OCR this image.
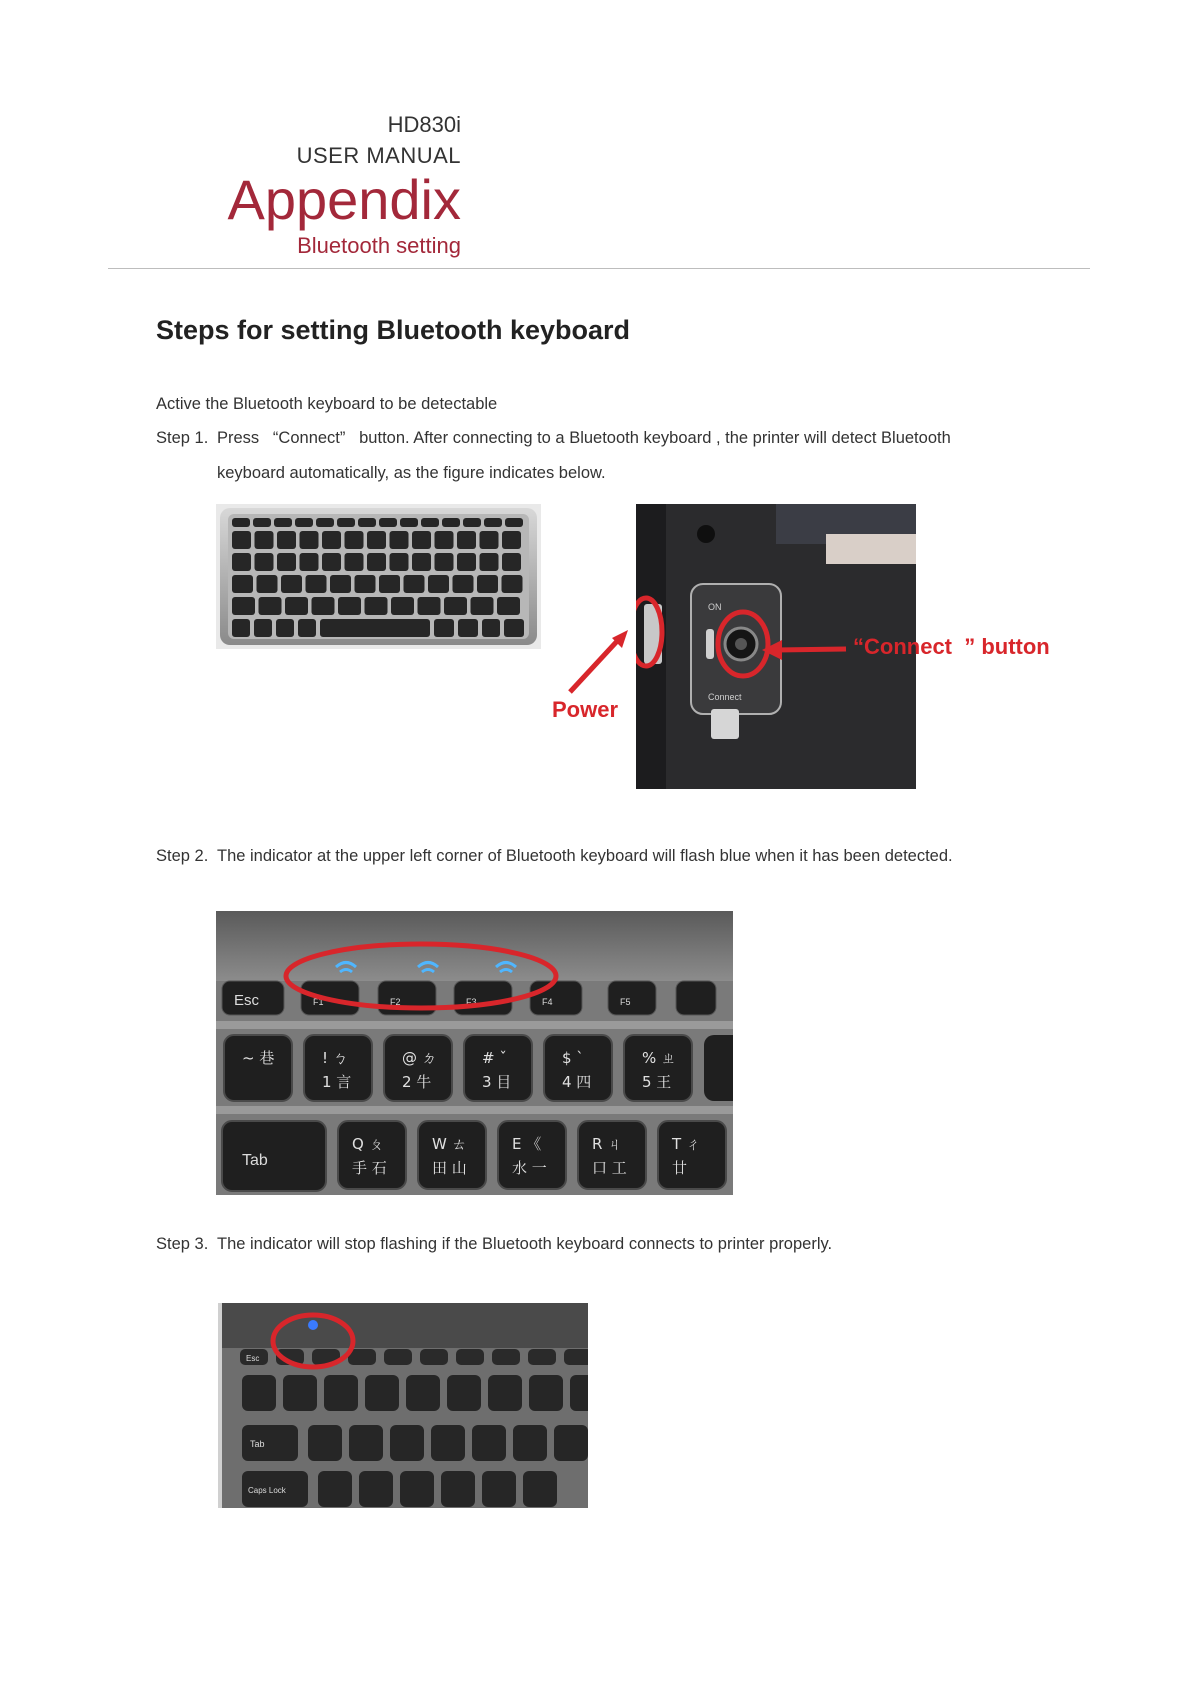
HD830i
USER MANUAL
Appendix
Bluetooth setting
Steps for setting Bluetooth keyboard
Active the Bluetooth keyboard to be detectable
Step 1. Press   “Connect”   button. After connecting to a Bluetooth keyboard , the printer will detect Bluetooth
keyboard automatically, as the figure indicates below.
ON
Connect
“Connect  ” button
Power
Step 2. The indicator at the upper left corner of Bluetooth keyboard will flash blue when it has been detected.
Esc	F1	F2	F3	F4	F5
~ 巷	! ㄅ
1 言
@ ㄉ
2 牛
# ˇ
3 目
$ ˋ
4 四
% ㄓ
5 王
Tab
Q ㄆ
手 石
W ㄊ
田 山
E 《
水 一
R ㄐ
口 工
T ㄔ
廿
Step 3. The indicator will stop flashing if the Bluetooth keyboard connects to printer properly.
Esc
Tab
Caps Lock
